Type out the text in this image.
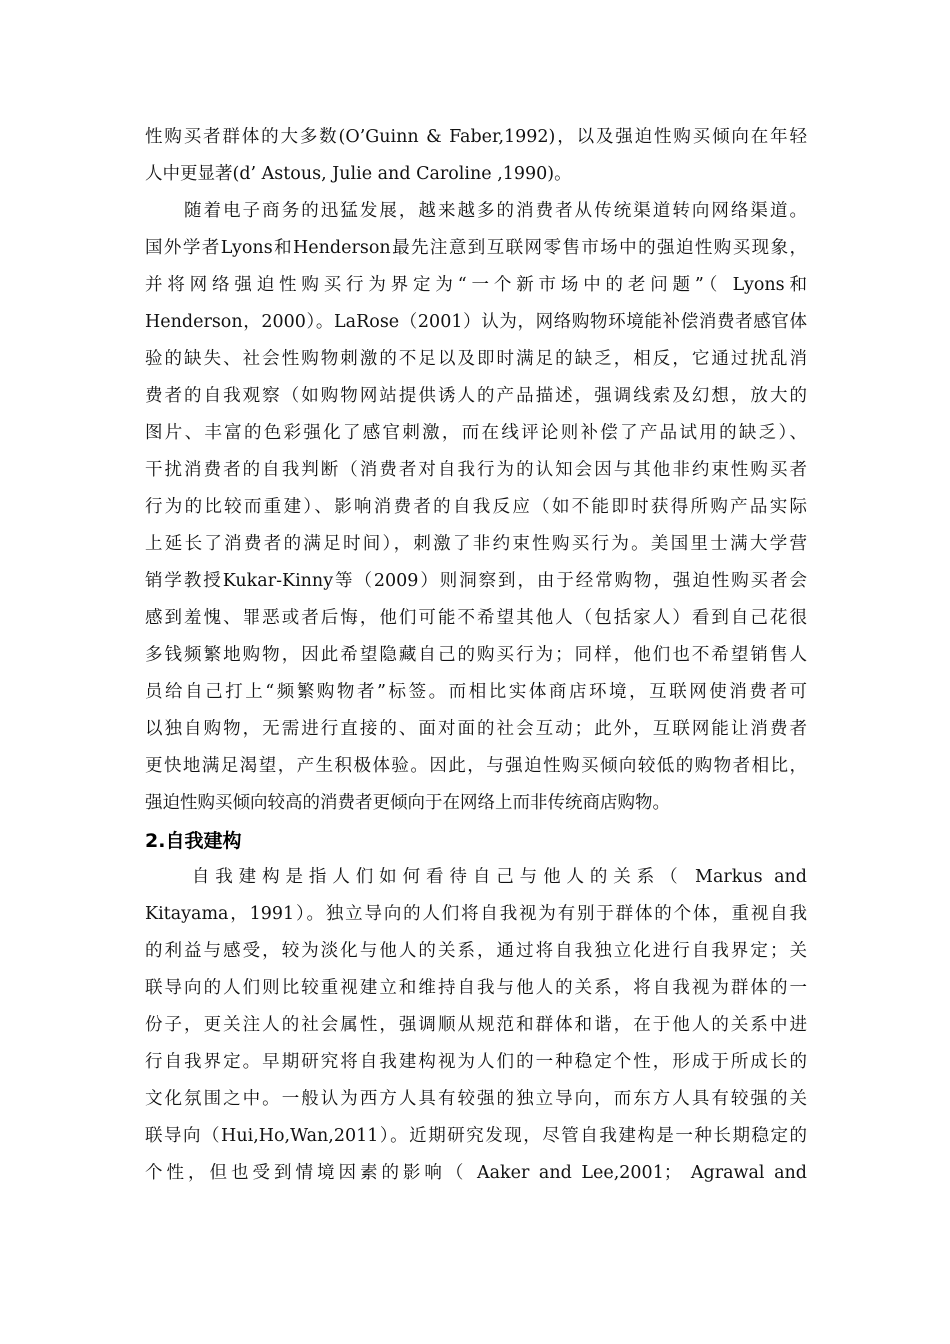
性购买者群体的大多数(O’Guinn & Faber,1992)，以及强迫性购买倾向在年轻
人中更显著(d’ Astous, Julie and Caroline ,1990)。
　　随着电子商务的迅猛发展，越来越多的消费者从传统渠道转向网络渠道。
国外学者Lyons和Henderson最先注意到互联网零售市场中的强迫性购买现象，
并将网络强迫性购买行为界定为“一个新市场中的老问题”（ Lyons和
Henderson，2000）。LaRose（2001）认为，网络购物环境能补偿消费者感官体
验的缺失、社会性购物刺激的不足以及即时满足的缺乏，相反，它通过扰乱消
费者的自我观察（如购物网站提供诱人的产品描述，强调线索及幻想，放大的
图片、丰富的色彩强化了感官刺激，而在线评论则补偿了产品试用的缺乏）、
干扰消费者的自我判断（消费者对自我行为的认知会因与其他非约束性购买者
行为的比较而重建）、影响消费者的自我反应（如不能即时获得所购产品实际
上延长了消费者的满足时间），刺激了非约束性购买行为。美国里士满大学营
销学教授Kukar-Kinny等（2009）则洞察到，由于经常购物，强迫性购买者会
感到羞愧、罪恶或者后悔，他们可能不希望其他人（包括家人）看到自己花很
多钱频繁地购物，因此希望隐藏自己的购买行为；同样，他们也不希望销售人
员给自己打上“频繁购物者”标签。而相比实体商店环境，互联网使消费者可
以独自购物，无需进行直接的、面对面的社会互动；此外，互联网能让消费者
更快地满足渴望，产生积极体验。因此，与强迫性购买倾向较低的购物者相比，
强迫性购买倾向较高的消费者更倾向于在网络上而非传统商店购物。
2.自我建构
　　自我建构是指人们如何看待自己与他人的关系（ Markus and
Kitayama，1991）。独立导向的人们将自我视为有别于群体的个体，重视自我
的利益与感受，较为淡化与他人的关系，通过将自我独立化进行自我界定；关
联导向的人们则比较重视建立和维持自我与他人的关系，将自我视为群体的一
份子，更关注人的社会属性，强调顺从规范和群体和谐，在于他人的关系中进
行自我界定。早期研究将自我建构视为人们的一种稳定个性，形成于所成长的
文化氛围之中。一般认为西方人具有较强的独立导向，而东方人具有较强的关
联导向（Hui,Ho,Wan,2011）。近期研究发现，尽管自我建构是一种长期稳定的
个性，但也受到情境因素的影响（ Aaker and Lee,2001； Agrawal and
